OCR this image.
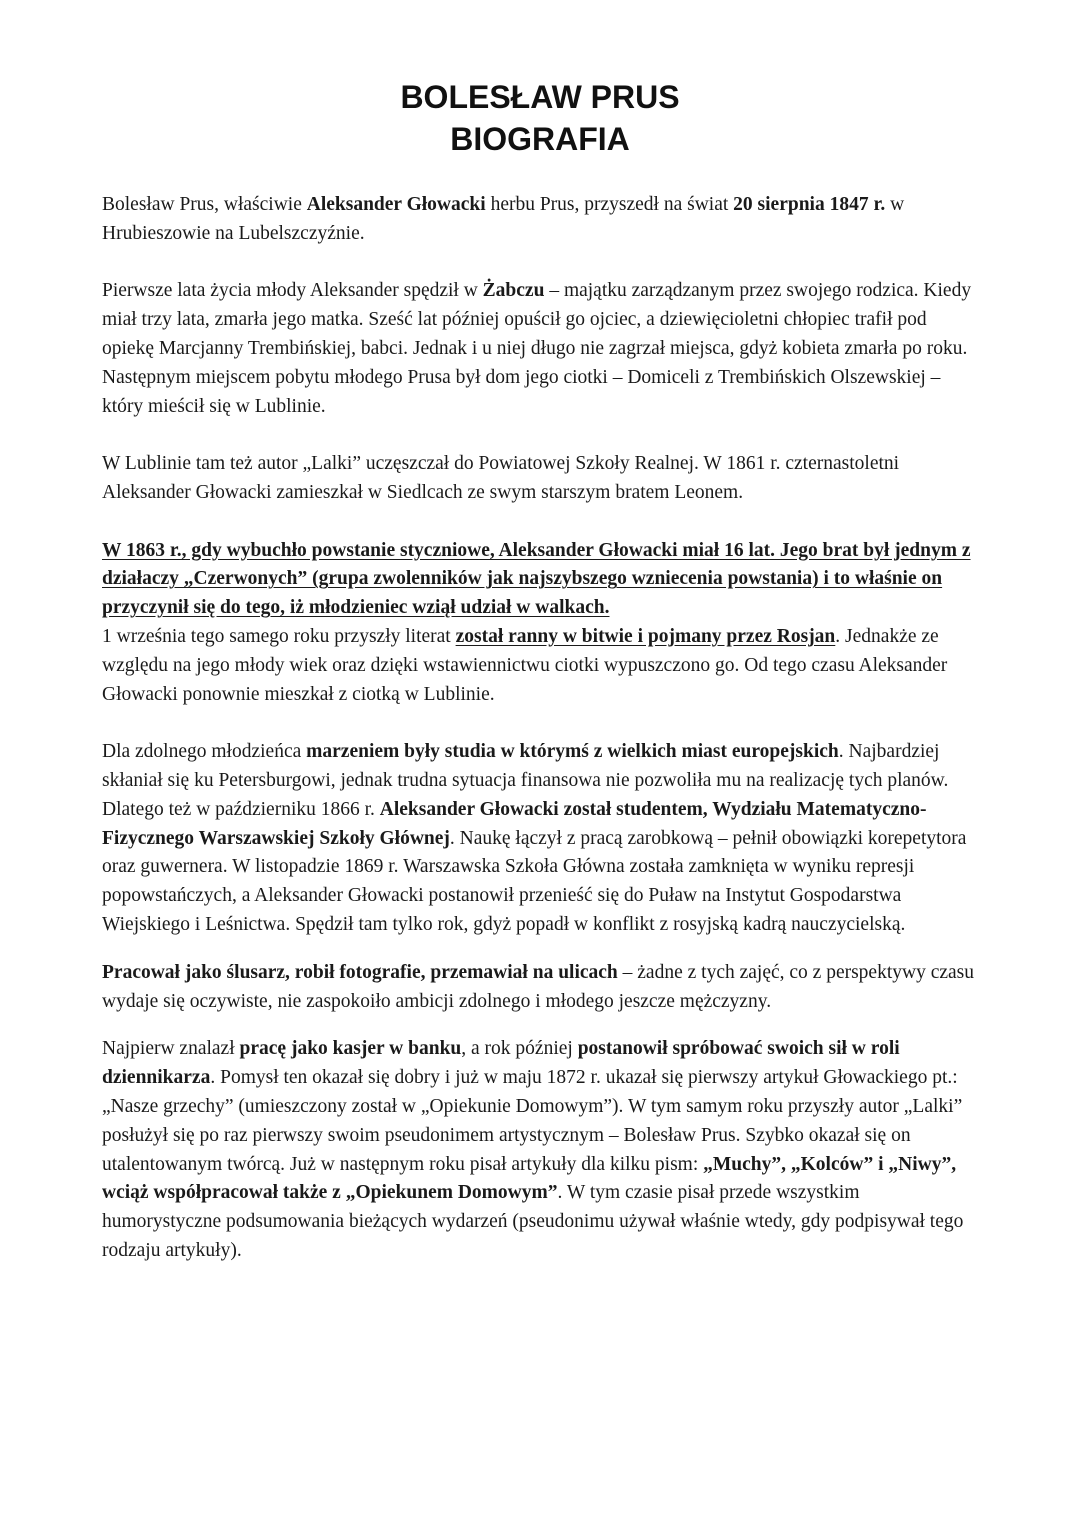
BOLESŁAW PRUS
BIOGRAFIA

Bolesław Prus, właściwie Aleksander Głowacki herbu Prus, przyszedł na świat 20 sierpnia 1847 r. w Hrubieszowie na Lubelszczyźnie.

Pierwsze lata życia młody Aleksander spędził w Żabczu – majątku zarządzanym przez swojego rodzica. Kiedy miał trzy lata, zmarła jego matka. Sześć lat później opuścił go ojciec, a dziewięcioletni chłopiec trafił pod opiekę Marcjanny Trembińskiej, babci. Jednak i u niej długo nie zagrzał miejsca, gdyż kobieta zmarła po roku. Następnym miejscem pobytu młodego Prusa był dom jego ciotki – Domiceli z Trembińskich Olszewskiej – który mieścił się w Lublinie.

W Lublinie tam też autor „Lalki” uczęszczał do Powiatowej Szkoły Realnej. W 1861 r. czternastoletni Aleksander Głowacki zamieszkał w Siedlcach ze swym starszym bratem Leonem.

W 1863 r., gdy wybuchło powstanie styczniowe, Aleksander Głowacki miał 16 lat. Jego brat był jednym z działaczy „Czerwonych” (grupa zwolenników jak najszybszego wzniecenia powstania) i to właśnie on przyczynił się do tego, iż młodzieniec wziął udział w walkach.
1 września tego samego roku przyszły literat został ranny w bitwie i pojmany przez Rosjan. Jednakże ze względu na jego młody wiek oraz dzięki wstawiennictwu ciotki wypuszczono go. Od tego czasu Aleksander Głowacki ponownie mieszkał z ciotką w Lublinie.

Dla zdolnego młodzieńca marzeniem były studia w którymś z wielkich miast europejskich. Najbardziej skłaniał się ku Petersburgowi, jednak trudna sytuacja finansowa nie pozwoliła mu na realizację tych planów. Dlatego też w październiku 1866 r. Aleksander Głowacki został studentem, Wydziału Matematyczno-Fizycznego Warszawskiej Szkoły Głównej. Naukę łączył z pracą zarobkową – pełnił obowiązki korepetytora oraz guwernera. W listopadzie 1869 r. Warszawska Szkoła Główna została zamknięta w wyniku represji popowstańczych, a Aleksander Głowacki postanowił przenieść się do Puław na Instytut Gospodarstwa Wiejskiego i Leśnictwa. Spędził tam tylko rok, gdyż popadł w konflikt z rosyjską kadrą nauczycielską.

Pracował jako ślusarz, robił fotografie, przemawiał na ulicach – żadne z tych zajęć, co z perspektywy czasu wydaje się oczywiste, nie zaspokoiło ambicji zdolnego i młodego jeszcze mężczyzny.

Najpierw znalazł pracę jako kasjer w banku, a rok później postanowił spróbować swoich sił w roli dziennikarza. Pomysł ten okazał się dobry i już w maju 1872 r. ukazał się pierwszy artykuł Głowackiego pt.: „Nasze grzechy” (umieszczony został w „Opiekunie Domowym”). W tym samym roku przyszły autor „Lalki” posłużył się po raz pierwszy swoim pseudonimem artystycznym – Bolesław Prus. Szybko okazał się on utalentowanym twórcą. Już w następnym roku pisał artykuły dla kilku pism: „Muchy”, „Kolców” i „Niwy”, wciąż współpracował także z „Opiekunem Domowym”. W tym czasie pisał przede wszystkim humorystyczne podsumowania bieżących wydarzeń (pseudonimu używał właśnie wtedy, gdy podpisywał tego rodzaju artykuły).
